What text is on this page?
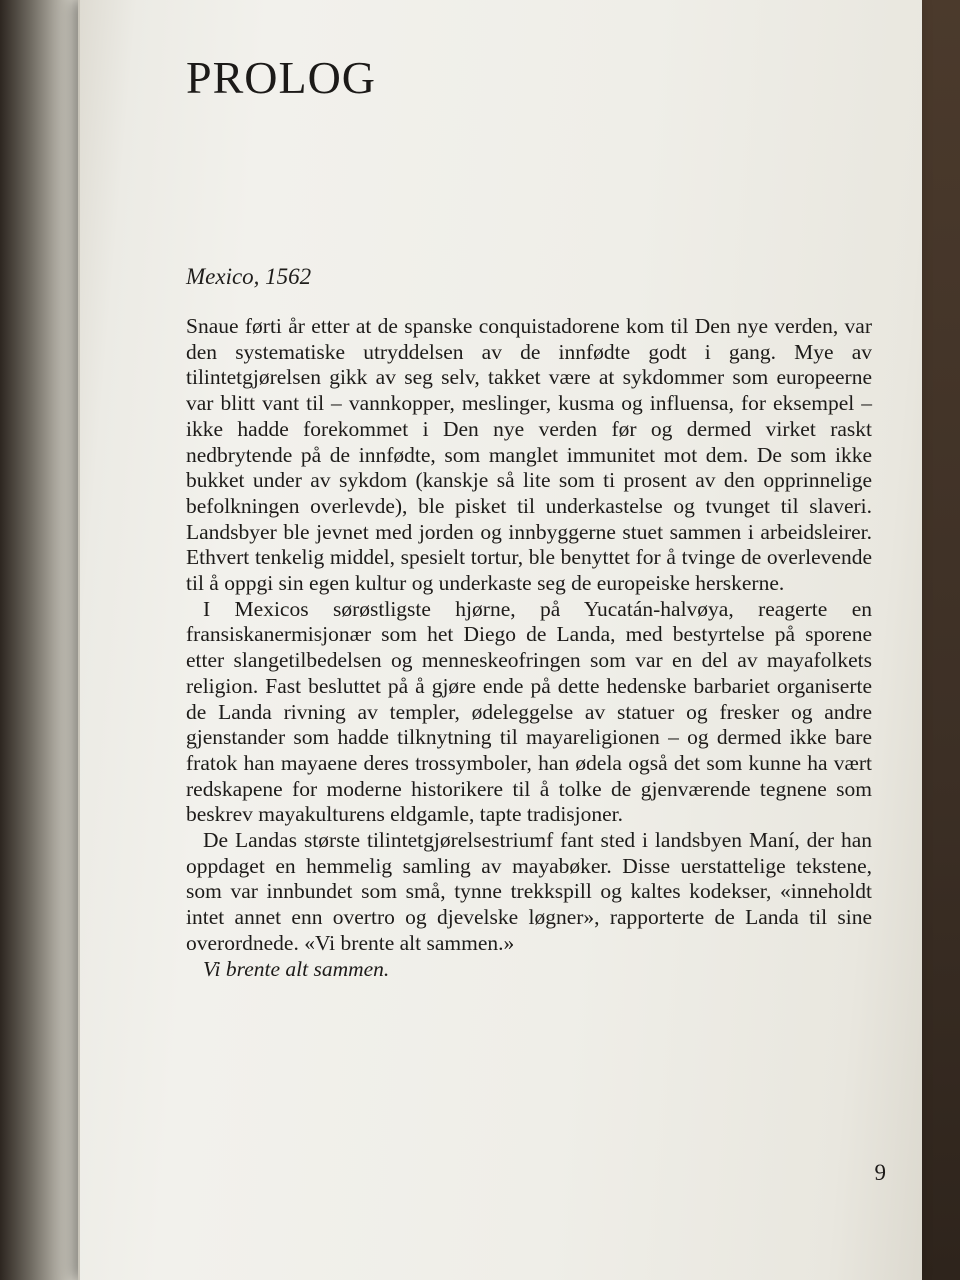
PROLOG
Mexico, 1562

Snaue førti år etter at de spanske conquistadorene kom til Den nye verden, var den systematiske utryddelsen av de innfødte godt i gang. Mye av tilintetgjørelsen gikk av seg selv, takket være at sykdommer som europeerne var blitt vant til – vannkopper, meslinger, kusma og influensa, for eksempel – ikke hadde forekommet i Den nye verden før og dermed virket raskt nedbrytende på de innfødte, som manglet immunitet mot dem. De som ikke bukket under av sykdom (kanskje så lite som ti prosent av den opprinnelige befolkningen overlevde), ble pisket til underkastelse og tvunget til slaveri. Landsbyer ble jevnet med jorden og innbyggerne stuet sammen i arbeidsleirer. Ethvert tenkelig middel, spesielt tortur, ble benyttet for å tvinge de overlevende til å oppgi sin egen kultur og underkaste seg de europeiske herskerne.

I Mexicos sørøstligste hjørne, på Yucatán-halvøya, reagerte en fransiskanermisjonær som het Diego de Landa, med bestyrtelse på sporene etter slangetilbedelsen og menneskeofringen som var en del av mayafolkets religion. Fast besluttet på å gjøre ende på dette hedenske barbariet organiserte de Landa rivning av templer, ødeleggelse av statuer og fresker og andre gjenstander som hadde tilknytning til mayareligionen – og dermed ikke bare fratok han mayaene deres trossymboler, han ødela også det som kunne ha vært redskapene for moderne historikere til å tolke de gjenværende tegnene som beskrev mayakulturens eldgamle, tapte tradisjoner.

De Landas største tilintetgjørelsestriumf fant sted i landsbyen Maní, der han oppdaget en hemmelig samling av mayabøker. Disse uerstattelige tekstene, som var innbundet som små, tynne trekkspill og kaltes kodekser, «inneholdt intet annet enn overtro og djevelske løgner», rapporterte de Landa til sine overordnede. «Vi brente alt sammen.»

Vi brente alt sammen.

9
